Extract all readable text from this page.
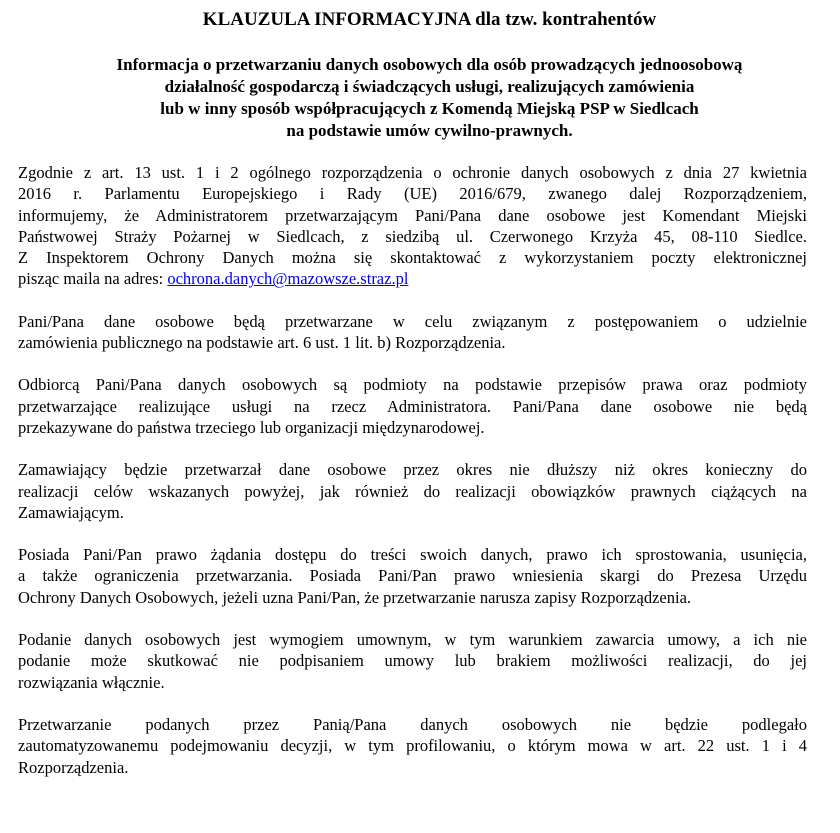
KLAUZULA INFORMACYJNA dla tzw. kontrahentów
Informacja o przetwarzaniu danych osobowych dla osób prowadzących jednoosobową
działalność gospodarczą i świadczących usługi, realizujących zamówienia
lub w inny sposób współpracujących z Komendą Miejską PSP w Siedlcach
na podstawie umów cywilno-prawnych.
Zgodnie z art. 13 ust. 1 i 2 ogólnego rozporządzenia o ochronie danych osobowych z dnia 27 kwietnia
2016 r. Parlamentu Europejskiego i Rady (UE) 2016/679, zwanego dalej Rozporządzeniem,
informujemy, że Administratorem przetwarzającym Pani/Pana dane osobowe jest Komendant Miejski
Państwowej Straży Pożarnej w Siedlcach, z siedzibą ul. Czerwonego Krzyża 45, 08-110 Siedlce.
Z Inspektorem Ochrony Danych można się skontaktować z wykorzystaniem poczty elektronicznej
pisząc maila na adres: ochrona.danych@mazowsze.straz.pl
Pani/Pana dane osobowe będą przetwarzane w celu związanym z postępowaniem o udzielnie
zamówienia publicznego na podstawie art. 6 ust. 1 lit. b) Rozporządzenia.
Odbiorcą Pani/Pana danych osobowych są podmioty na podstawie przepisów prawa oraz podmioty
przetwarzające realizujące usługi na rzecz Administratora. Pani/Pana dane osobowe nie będą
przekazywane do państwa trzeciego lub organizacji międzynarodowej.
Zamawiający będzie przetwarzał dane osobowe przez okres nie dłuższy niż okres konieczny do
realizacji celów wskazanych powyżej, jak również do realizacji obowiązków prawnych ciążących na
Zamawiającym.
Posiada Pani/Pan prawo żądania dostępu do treści swoich danych, prawo ich sprostowania, usunięcia,
a także ograniczenia przetwarzania. Posiada Pani/Pan prawo wniesienia skargi do Prezesa Urzędu
Ochrony Danych Osobowych, jeżeli uzna Pani/Pan, że przetwarzanie narusza zapisy Rozporządzenia.
Podanie danych osobowych jest wymogiem umownym, w tym warunkiem zawarcia umowy, a ich nie
podanie może skutkować nie podpisaniem umowy lub brakiem możliwości realizacji, do jej
rozwiązania włącznie.
Przetwarzanie podanych przez Panią/Pana danych osobowych nie będzie podlegało
zautomatyzowanemu podejmowaniu decyzji, w tym profilowaniu, o którym mowa w art. 22 ust. 1 i 4
Rozporządzenia.
